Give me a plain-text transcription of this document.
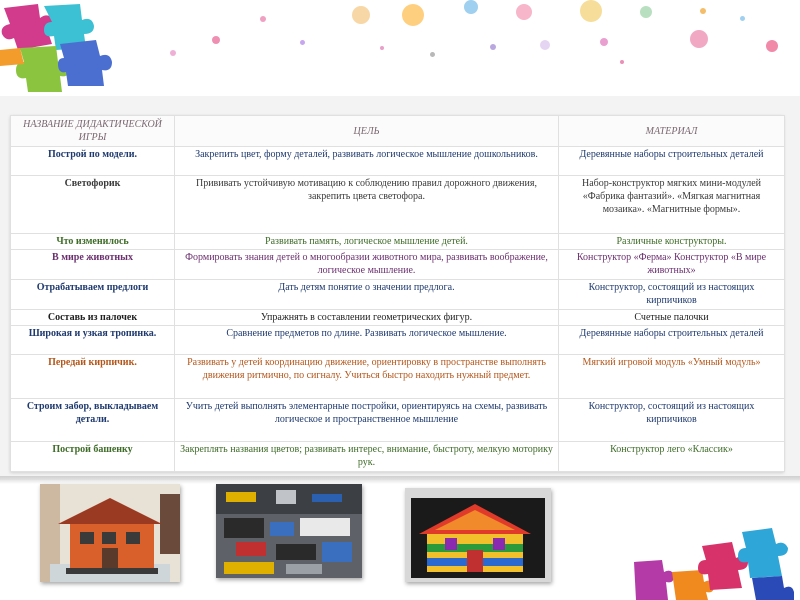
НАЗВАНИЕ ДИДАКТИЧЕСКОЙ ИГРЫ	ЦЕЛЬ	МАТЕРИАЛ
Построй по модели.	Закрепить цвет, форму деталей, развивать логическое мышление дошкольников.	Деревянные наборы строительных деталей
Светофорик	Прививать устойчивую мотивацию к соблюдению правил дорожного движения, закрепить цвета светофора.	Набор-конструктор мягких мини-модулей «Фабрика фантазий». «Мягкая магнитная мозаика». «Магнитные формы».
Что изменилось	Развивать память, логическое мышление детей.	Различные конструкторы.
В мире животных	Формировать знания детей о многообразии животного мира, развивать воображение, логическое мышление.	Конструктор «Ферма» Конструктор «В мире животных»
Отрабатываем предлоги	Дать детям понятие о значении предлога.	Конструктор, состоящий из настоящих кирпичиков
Составь из палочек	Упражнять в составлении геометрических фигур.	Счетные палочки
Широкая и узкая тропинка.	Сравнение предметов по длине. Развивать логическое мышление.	Деревянные наборы строительных деталей
Передай кирпичик.	Развивать у детей координацию движение, ориентировку в пространстве выполнять движения ритмично, по сигналу. Учиться быстро находить нужный предмет.	Мягкий игровой модуль «Умный модуль»
Строим забор, выкладываем детали.	Учить детей выполнять элементарные постройки, ориентируясь на схемы, развивать логическое и пространственное мышление	Конструктор, состоящий из настоящих кирпичиков
Построй башенку	Закреплять названия цветов; развивать интерес, внимание, быстроту, мелкую моторику рук.	Конструктор лего «Классик»
